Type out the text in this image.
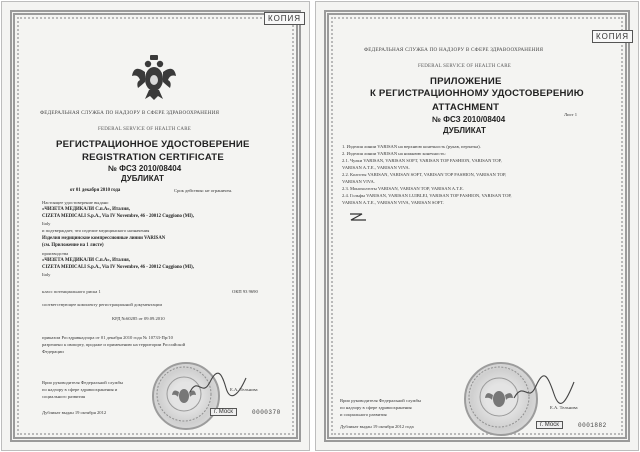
КОПИЯ
ФЕДЕРАЛЬНАЯ СЛУЖБА ПО НАДЗОРУ В СФЕРЕ ЗДРАВООХРАНЕНИЯ
FEDERAL SERVICE OF HEALTH CARE
РЕГИСТРАЦИОННОЕ УДОСТОВЕРЕНИЕ
REGISTRATION CERTIFICATE
№ ФСЗ 2010/08404
ДУБЛИКАТ
от 01 декабря 2010 года	Срок действия: не ограничен.
Настоящее удостоверение выдано
«ЧИЗЕТА МЕДИКАЛИ С.п.А», Италия,
CIZETA MEDICALI S.p.A., Via IV Novembre, 46 - 20012 Cuggiono (MI),
Italy
и подтверждает, что изделие медицинского назначения
Изделия медицинские компрессионные линии VARISAN
(см. Приложение на 1 листе)
производства
«ЧИЗЕТА МЕДИКАЛИ С.п.А», Италия,
CIZETA MEDICALI S.p.A., Via IV Novembre, 46 - 20012 Cuggiono (MI),
Italy
класс потенциального риска 1	ОКП 93 9690
соответствующее комплекту регистрационной документации
КРД №60285 от 09.09.2010
приказом Росздравнадзора от 01 декабря 2010 года № 10733-Пр/10
разрешено к импорту, продаже и применению на территории Российской
Федерации
Врио руководителя Федеральной службы
по надзору в сфере здравоохранения и
социального развития
Е.А. Тельнова
Дубликат выдан 19 октября 2012	г. Моск	0000370
КОПИЯ
ФЕДЕРАЛЬНАЯ СЛУЖБА ПО НАДЗОРУ В СФЕРЕ ЗДРАВООХРАНЕНИЯ
FEDERAL SERVICE OF HEALTH CARE
ПРИЛОЖЕНИЕ
К РЕГИСТРАЦИОННОМУ УДОСТОВЕРЕНИЮ
ATTACHMENT
Лист 1
№ ФСЗ 2010/08404
ДУБЛИКАТ
1. Изделия линии VARISAN на верхнюю конечность (рукав, перчатка).
2. Изделия линии VARISAN на нижнюю конечность:
2.1. Чулки VARISAN, VARISAN SOFT, VARISAN TOP FASHION, VARISAN TOP,
VARISAN A.T.E., VARISAN VIVA.
2.2. Колготы VARISAN, VARISAN SOFT, VARISAN TOP FASHION, VARISAN TOP,
VARISAN VIVA.
2.3. Монохолготы VARISAN, VARISAN TOP, VARISAN A.T.E.
2.4. Гольфы VARISAN, VARISAN LUIBLEI, VARISAN TOP FASHION, VARISAN TOP,
VARISAN A.T.E., VARISAN VIVA, VARISAN SOFT.
Врио руководителя Федеральной службы
по надзору в сфере здравоохранения
и социального развития
Е.А. Тельнова
Дубликат выдан 19 октября 2012 года	г. Моск	0001882
